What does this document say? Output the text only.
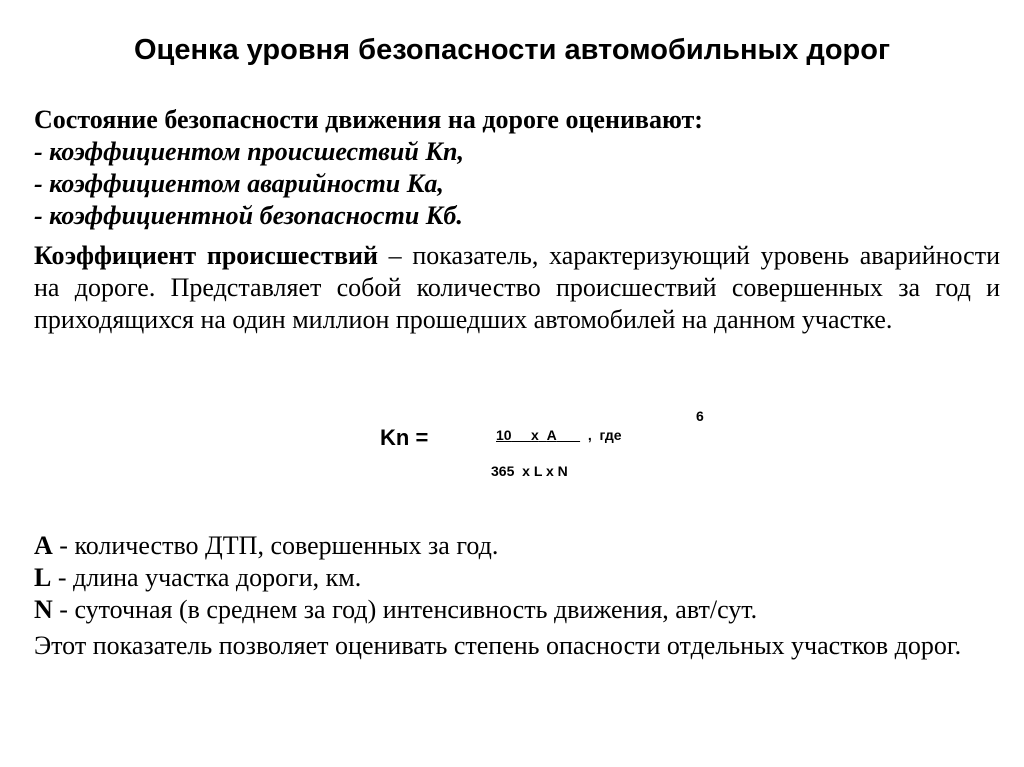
Оценка уровня безопасности автомобильных дорог
Состояние безопасности движения на дороге оценивают:
- коэффициентом происшествий Кп,
- коэффициентом аварийности Ка,
- коэффициентной безопасности Кб.
Коэффициент происшествий – показатель, характеризующий уровень аварийности на дороге. Представляет собой количество происшествий совершенных за год и приходящихся на один миллион прошедших автомобилей на данном участке.
Kn =
6
10 x A , где
365  x L x N
A - количество ДТП, совершенных за год.
L - длина участка дороги, км.
N - суточная (в среднем за год) интенсивность движения, авт/сут.
Этот показатель позволяет оценивать степень опасности отдельных участков дорог.
